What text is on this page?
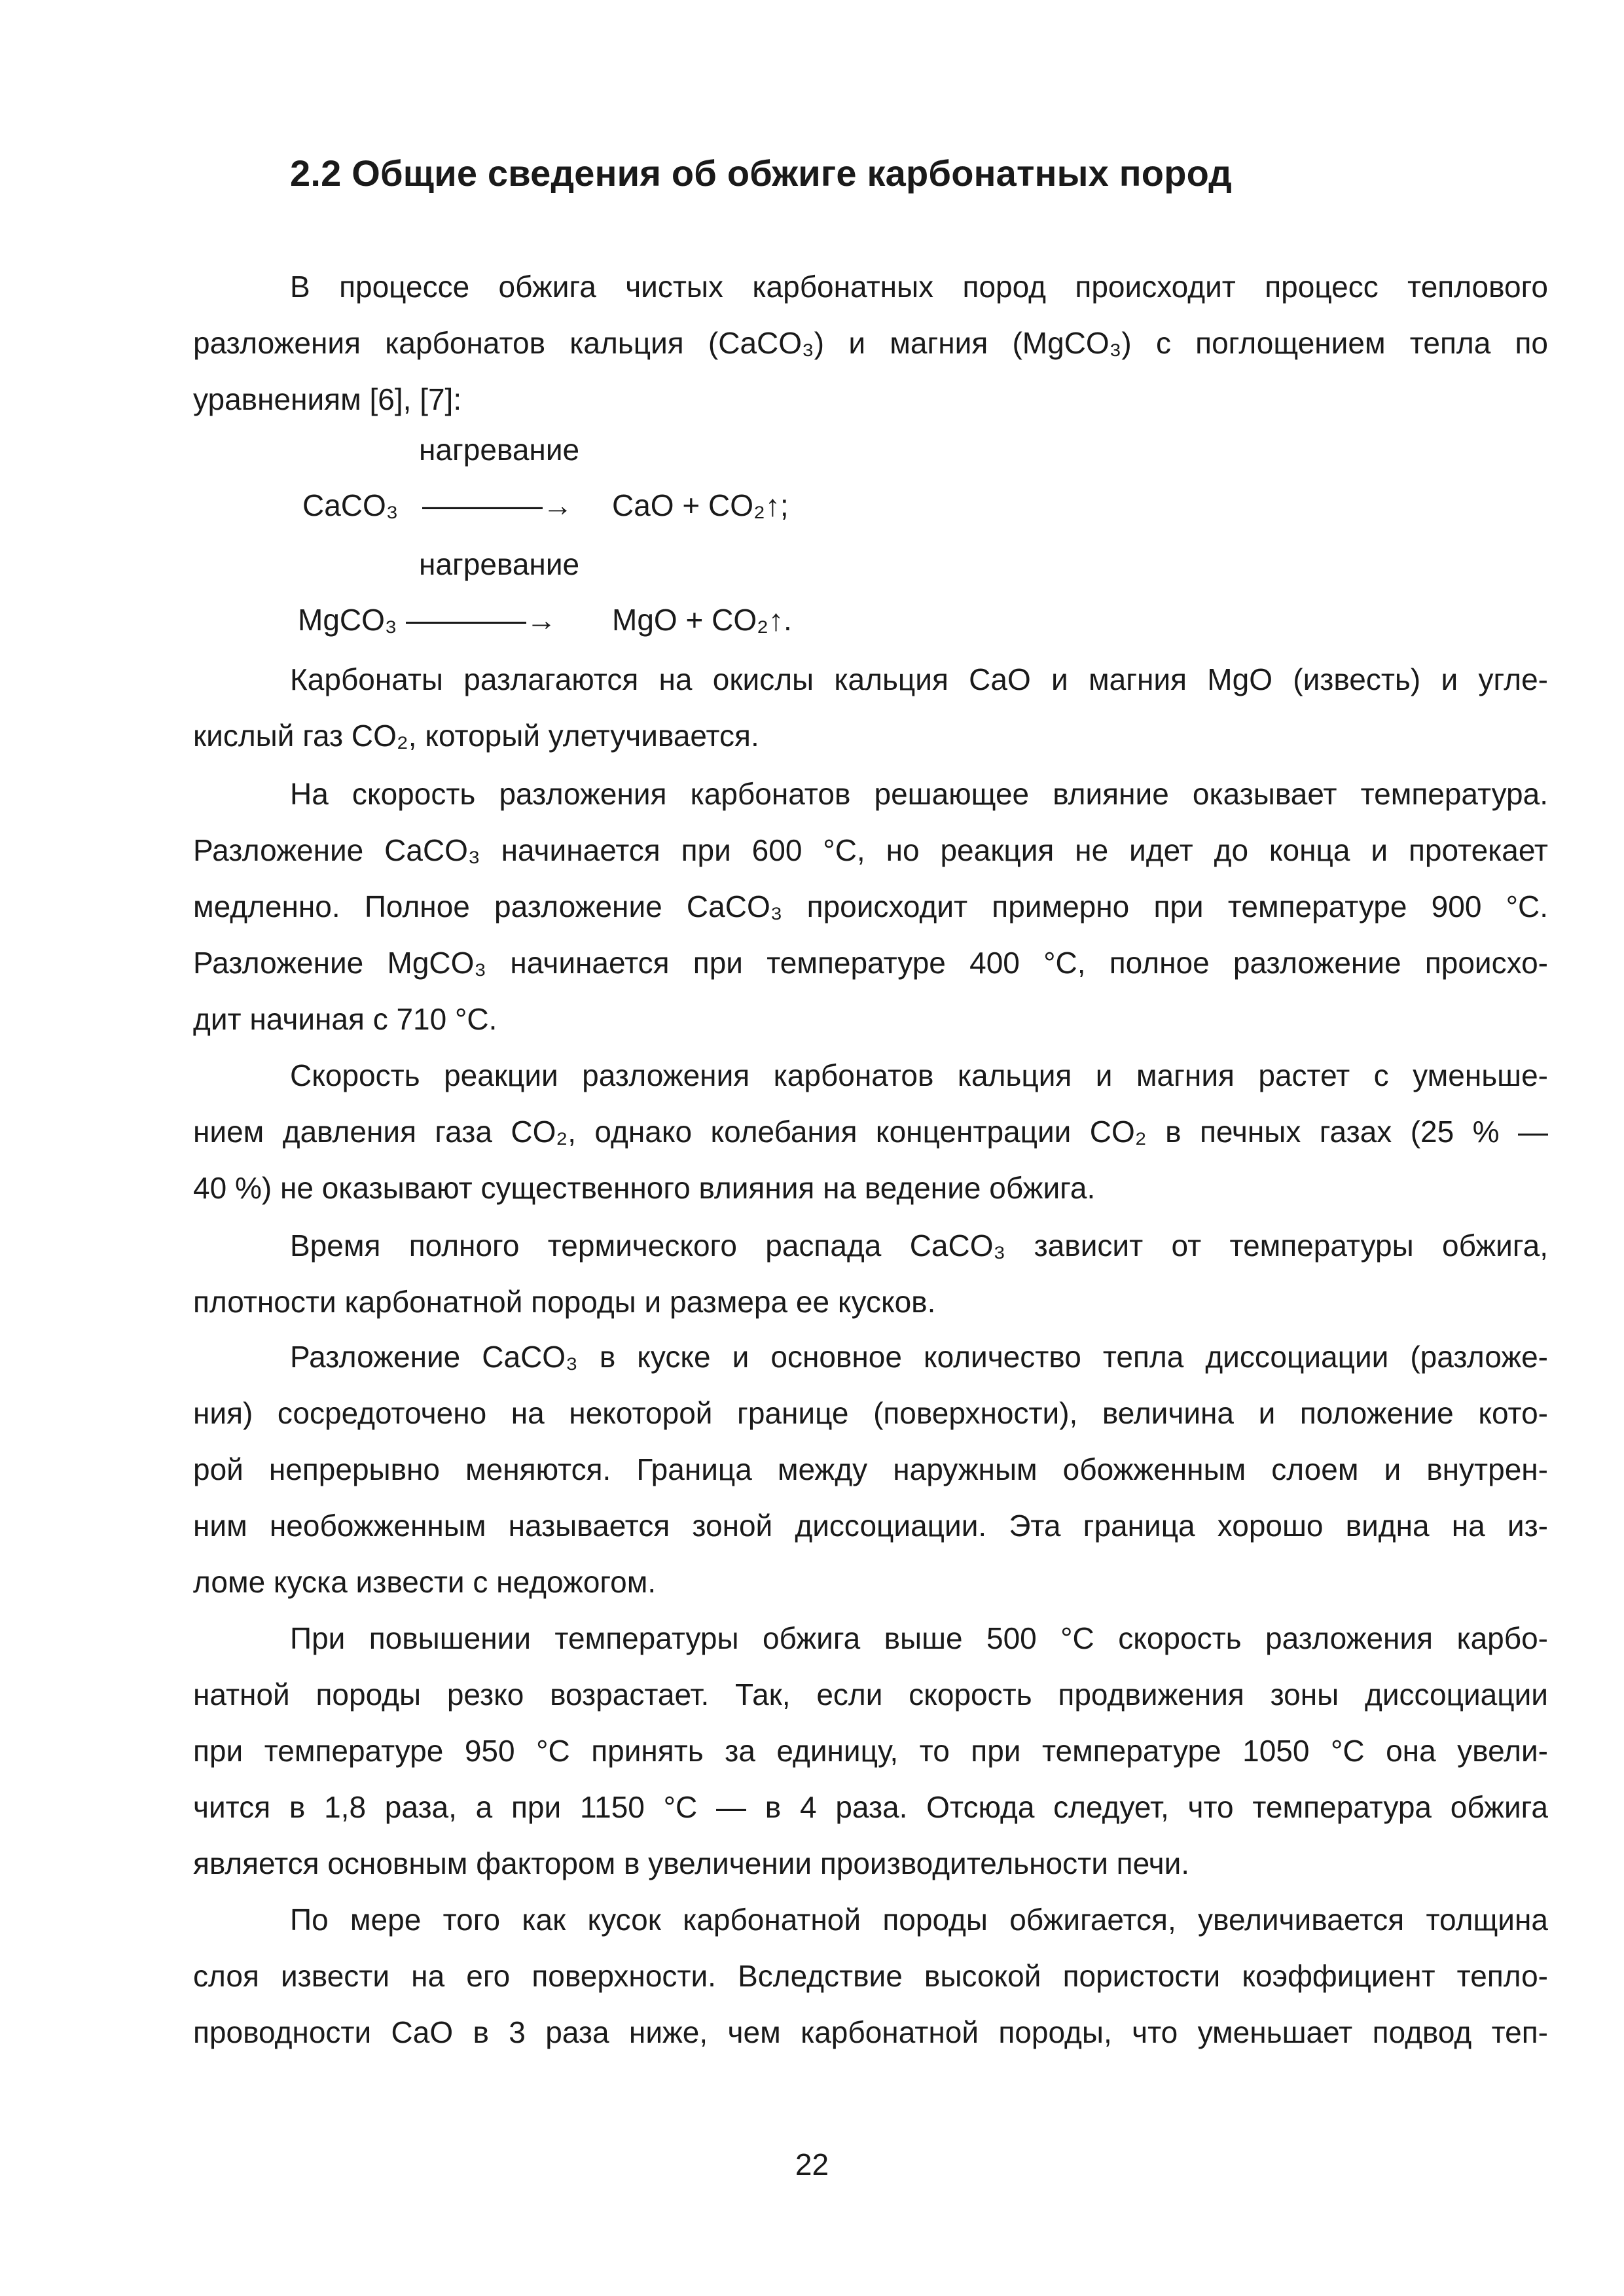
2.2 Общие сведения об обжиге карбонатных пород
В процессе обжига чистых карбонатных пород происходит процесс теплового
разложения карбонатов кальция (CaCO₃) и магния (MgCO₃) с поглощением тепла по
уравнениям [6], [7]:
нагревание
CaCO₃ ————→ CaO + CO₂↑;
нагревание
MgCO₃ ————→ MgO + CO₂↑.
Карбонаты разлагаются на окислы кальция CaO и магния MgO (известь) и угле-
кислый газ CO₂, который улетучивается.
На скорость разложения карбонатов решающее влияние оказывает температура.
Разложение CaCO₃ начинается при 600 °С, но реакция не идет до конца и протекает
медленно. Полное разложение CaCO₃ происходит примерно при температуре 900 °С.
Разложение MgCO₃ начинается при температуре 400 °С, полное разложение происхо-
дит начиная с 710 °С.
Скорость реакции разложения карбонатов кальция и магния растет с уменьше-
нием давления газа CO₂, однако колебания концентрации CO₂ в печных газах (25 % —
40 %) не оказывают существенного влияния на ведение обжига.
Время полного термического распада CaCO₃ зависит от температуры обжига,
плотности карбонатной породы и размера ее кусков.
Разложение CaCO₃ в куске и основное количество тепла диссоциации (разложе-
ния) сосредоточено на некоторой границе (поверхности), величина и положение кото-
рой непрерывно меняются. Граница между наружным обожженным слоем и внутрен-
ним необожженным называется зоной диссоциации. Эта граница хорошо видна на из-
ломе куска извести с недожогом.
При повышении температуры обжига выше 500 °С скорость разложения карбо-
натной породы резко возрастает. Так, если скорость продвижения зоны диссоциации
при температуре 950 °С принять за единицу, то при температуре 1050 °С она увели-
чится в 1,8 раза, а при 1150 °С — в 4 раза. Отсюда следует, что температура обжига
является основным фактором в увеличении производительности печи.
По мере того как кусок карбонатной породы обжигается, увеличивается толщина
слоя извести на его поверхности. Вследствие высокой пористости коэффициент тепло-
проводности CaO в 3 раза ниже, чем карбонатной породы, что уменьшает подвод теп-
22
